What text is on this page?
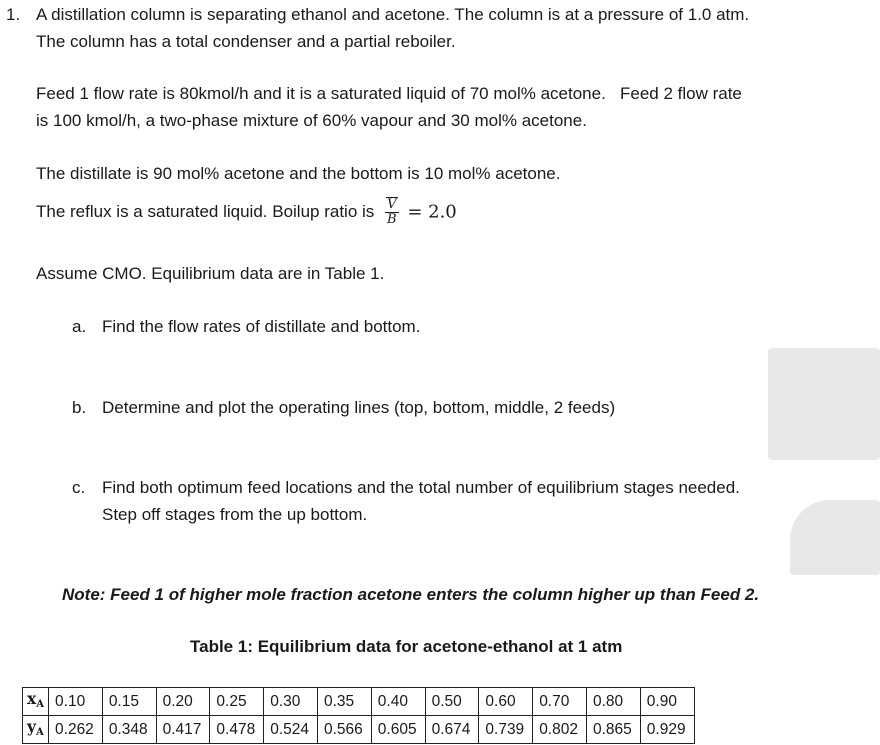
1. A distillation column is separating ethanol and acetone. The column is at a pressure of 1.0 atm.
The column has a total condenser and a partial reboiler.
Feed 1 flow rate is 80kmol/h and it is a saturated liquid of 70 mol% acetone.   Feed 2 flow rate
is 100 kmol/h, a two-phase mixture of 60% vapour and 30 mol% acetone.
The distillate is 90 mol% acetone and the bottom is 10 mol% acetone.
The reflux is a saturated liquid. Boilup ratio is $\frac{V}{B} = 2.0$
Assume CMO. Equilibrium data are in Table 1.
a. Find the flow rates of distillate and bottom.
b. Determine and plot the operating lines (top, bottom, middle, 2 feeds)
c. Find both optimum feed locations and the total number of equilibrium stages needed.
Step off stages from the up bottom.
Note: Feed 1 of higher mole fraction acetone enters the column higher up than Feed 2.
Table 1: Equilibrium data for acetone-ethanol at 1 atm
$x_A$	0.10	0.15	0.20	0.25	0.30	0.35	0.40	0.50	0.60	0.70	0.80	0.90
$y_A$	0.262	0.348	0.417	0.478	0.524	0.566	0.605	0.674	0.739	0.802	0.865	0.929
